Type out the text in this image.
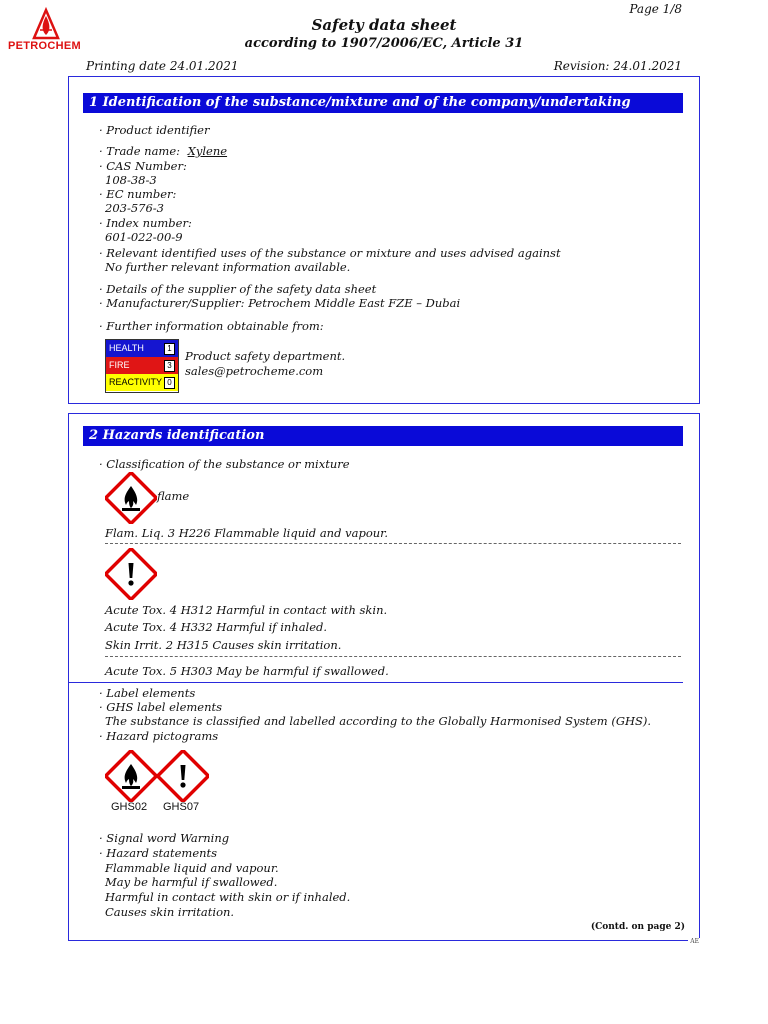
PETROCHEM
Page 1/8
Safety data sheet
according to 1907/2006/EC, Article 31
Printing date 24.01.2021	Revision: 24.01.2021
1 Identification of the substance/mixture and of the company/undertaking
· Product identifier
· Trade name: Xylene
· CAS Number:
108-38-3
· EC number:
203-576-3
· Index number:
601-022-00-9
· Relevant identified uses of the substance or mixture and uses advised against
No further relevant information available.
· Details of the supplier of the safety data sheet
· Manufacturer/Supplier: Petrochem Middle East FZE – Dubai
· Further information obtainable from:
HEALTH	1
FIRE	3
REACTIVITY 0
Product safety department.
sales@petrocheme.com
2 Hazards identification
· Classification of the substance or mixture
flame
Flam. Liq. 3 H226 Flammable liquid and vapour.
Acute Tox. 4 H312 Harmful in contact with skin.
Acute Tox. 4 H332 Harmful if inhaled.
Skin Irrit. 2 H315 Causes skin irritation.
Acute Tox. 5 H303 May be harmful if swallowed.
· Label elements
· GHS label elements
The substance is classified and labelled according to the Globally Harmonised System (GHS).
· Hazard pictograms
GHS02 GHS07
· Signal word Warning
· Hazard statements
Flammable liquid and vapour.
May be harmful if swallowed.
Harmful in contact with skin or if inhaled.
Causes skin irritation.
(Contd. on page 2)
AE
